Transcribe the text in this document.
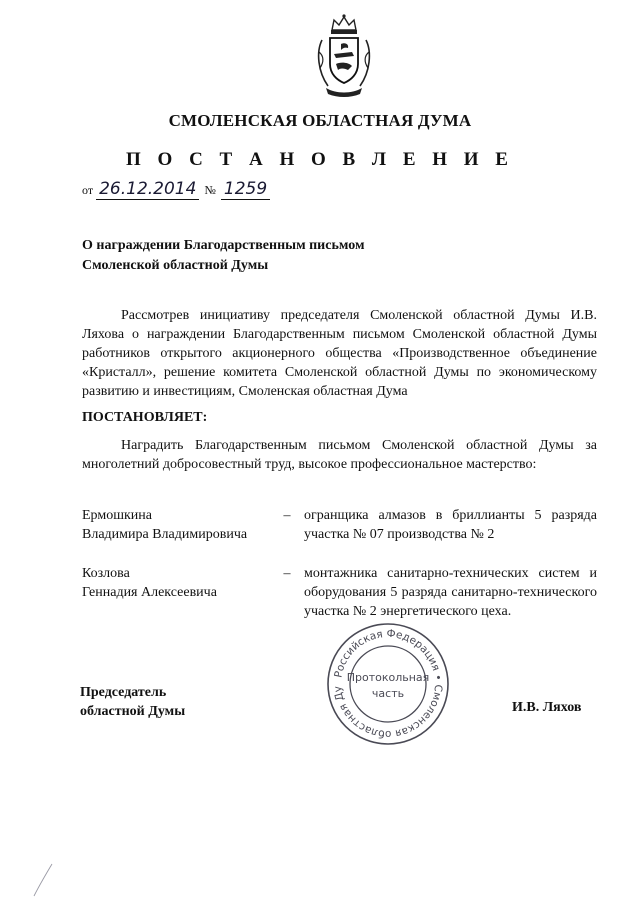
СМОЛЕНСКАЯ ОБЛАСТНАЯ ДУМА
П О С Т А Н О В Л Е Н И Е
от 26.12.2014 № 1259
О награждении Благодарственным письмом
Смоленской областной Думы
Рассмотрев инициативу председателя Смоленской областной Думы И.В. Ляхова о награждении Благодарственным письмом Смоленской областной Думы работников открытого акционерного общества «Производственное объединение «Кристалл», решение комитета Смоленской областной Думы по экономическому развитию и инвестициям, Смоленская областная Дума
ПОСТАНОВЛЯЕТ:
Наградить Благодарственным письмом Смоленской областной Думы за многолетний добросовестный труд, высокое профессиональное мастерство:
Ермошкина
Владимира Владимировича
– огранщика алмазов в бриллианты 5 разряда участка № 07 производства № 2
Козлова
Геннадия Алексеевича
– монтажника санитарно-технических систем и оборудования 5 разряда санитарно-технического участка № 2 энергетического цеха.
Российская Федерация • Смоленская областная Ду
Протокольная
часть
Председатель
областной Думы	И.В. Ляхов
